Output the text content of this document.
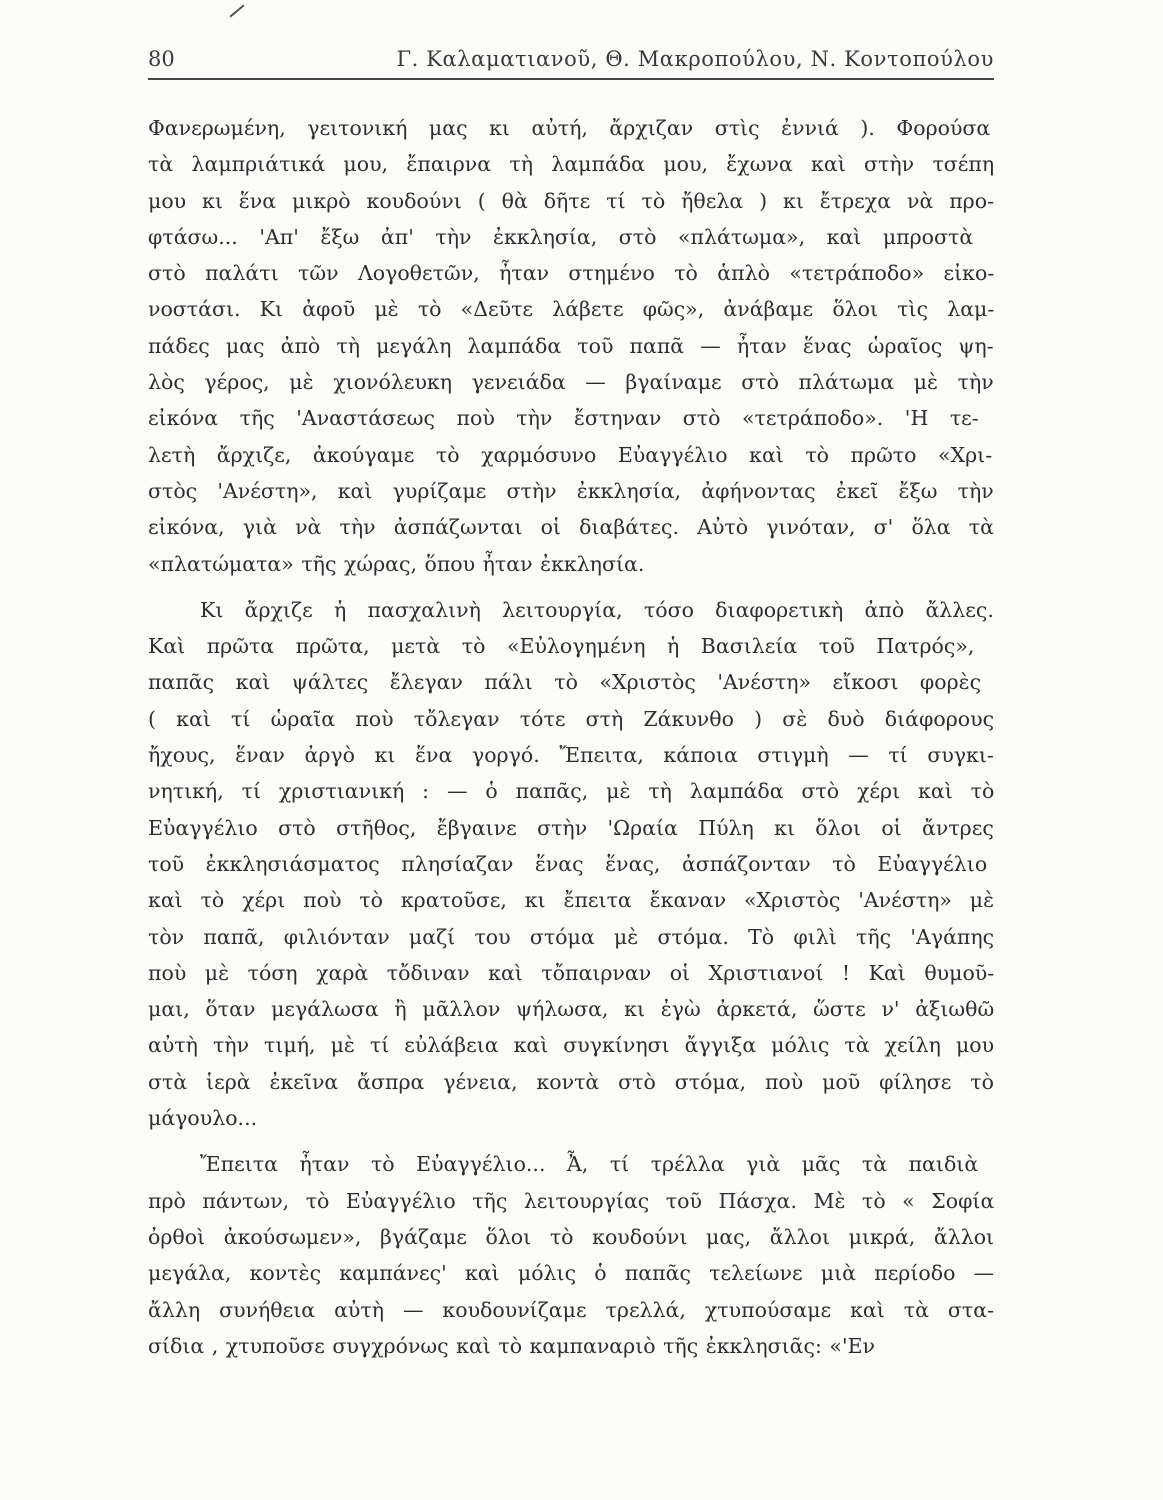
80	Γ. Καλαματιανοῦ, Θ. Μακροπούλου, Ν. Κοντοπούλου
Φανερωμένη, γειτονική μας κι αὐτή, ἄρχιζαν στὶς ἐννιά ). Φορούσα
τὰ λαμπριάτικά μου, ἔπαιρνα τὴ λαμπάδα μου, ἔχωνα καὶ στὴν τσέπη
μου κι ἕνα μικρὸ κουδούνι ( θὰ δῆτε τί τὸ ἤθελα ) κι ἔτρεχα νὰ προ-
φτάσω... 'Απ' ἔξω ἀπ' τὴν ἐκκλησία, στὸ «πλάτωμα», καὶ μπροστὰ
στὸ παλάτι τῶν Λογοθετῶν, ἦταν στημένο τὸ ἁπλὸ «τετράποδο» εἰκο-
νοστάσι. Κι ἀφοῦ μὲ τὸ «Δεῦτε λάβετε φῶς», ἀνάβαμε ὅλοι τὶς λαμ-
πάδες μας ἀπὸ τὴ μεγάλη λαμπάδα τοῦ παπᾶ — ἦταν ἕνας ὡραῖος ψη-
λὸς γέρος, μὲ χιονόλευκη γενειάδα — βγαίναμε στὸ πλάτωμα μὲ τὴν
εἰκόνα τῆς 'Αναστάσεως ποὺ τὴν ἔστηναν στὸ «τετράποδο». 'Η τε-
λετὴ ἄρχιζε, ἀκούγαμε τὸ χαρμόσυνο Εὐαγγέλιο καὶ τὸ πρῶτο «Χρι-
στὸς 'Ανέστη», καὶ γυρίζαμε στὴν ἐκκλησία, ἀφήνοντας ἐκεῖ ἔξω τὴν
εἰκόνα, γιὰ νὰ τὴν ἀσπάζωνται οἱ διαβάτες. Αὐτὸ γινόταν, σ' ὅλα τὰ
«πλατώματα» τῆς χώρας, ὅπου ἦταν ἐκκλησία.
Κι ἄρχιζε ἡ πασχαλινὴ λειτουργία, τόσο διαφορετικὴ ἀπὸ ἄλλες.
Καὶ πρῶτα πρῶτα, μετὰ τὸ «Εὐλογημένη ἡ Βασιλεία τοῦ Πατρός»,
παπᾶς καὶ ψάλτες ἔλεγαν πάλι τὸ «Χριστὸς 'Ανέστη» εἴκοσι φορὲς
( καὶ τί ὡραῖα ποὺ τὄλεγαν τότε στὴ Ζάκυνθο ) σὲ δυὸ διάφορους
ἤχους, ἕναν ἀργὸ κι ἕνα γοργό. Ἔπειτα, κάποια στιγμὴ — τί συγκι-
νητική, τί χριστιανική : — ὁ παπᾶς, μὲ τὴ λαμπάδα στὸ χέρι καὶ τὸ
Εὐαγγέλιο στὸ στῆθος, ἔβγαινε στὴν 'Ωραία Πύλη κι ὅλοι οἱ ἄντρες
τοῦ ἐκκλησιάσματος πλησίαζαν ἕνας ἕνας, ἀσπάζονταν τὸ Εὐαγγέλιο
καὶ τὸ χέρι ποὺ τὸ κρατοῦσε, κι ἔπειτα ἔκαναν «Χριστὸς 'Ανέστη» μὲ
τὸν παπᾶ, φιλιόνταν μαζί του στόμα μὲ στόμα. Τὸ φιλὶ τῆς 'Αγάπης
ποὺ μὲ τόση χαρὰ τὄδιναν καὶ τὄπαιρναν οἱ Χριστιανοί ! Καὶ θυμοῦ-
μαι, ὅταν μεγάλωσα ἢ μᾶλλον ψήλωσα, κι ἐγὼ ἀρκετά, ὥστε ν' ἀξιωθῶ
αὐτὴ τὴν τιμή, μὲ τί εὐλάβεια καὶ συγκίνησι ἄγγιξα μόλις τὰ χείλη μου
στὰ ἱερὰ ἐκεῖνα ἄσπρα γένεια, κοντὰ στὸ στόμα, ποὺ μοῦ φίλησε τὸ
μάγουλο...
Ἔπειτα ἦταν τὸ Εὐαγγέλιο... Ἆ, τί τρέλλα γιὰ μᾶς τὰ παιδιὰ
πρὸ πάντων, τὸ Εὐαγγέλιο τῆς λειτουργίας τοῦ Πάσχα. Μὲ τὸ « Σοφία
ὀρθοὶ ἀκούσωμεν», βγάζαμε ὅλοι τὸ κουδούνι μας, ἄλλοι μικρά, ἄλλοι
μεγάλα, κοντὲς καμπάνες' καὶ μόλις ὁ παπᾶς τελείωνε μιὰ περίοδο —
ἄλλη συνήθεια αὐτὴ — κουδουνίζαμε τρελλά, χτυπούσαμε καὶ τὰ στα-
σίδια , χτυποῦσε συγχρόνως καὶ τὸ καμπαναριὸ τῆς ἐκκλησιᾶς: «'Εν
